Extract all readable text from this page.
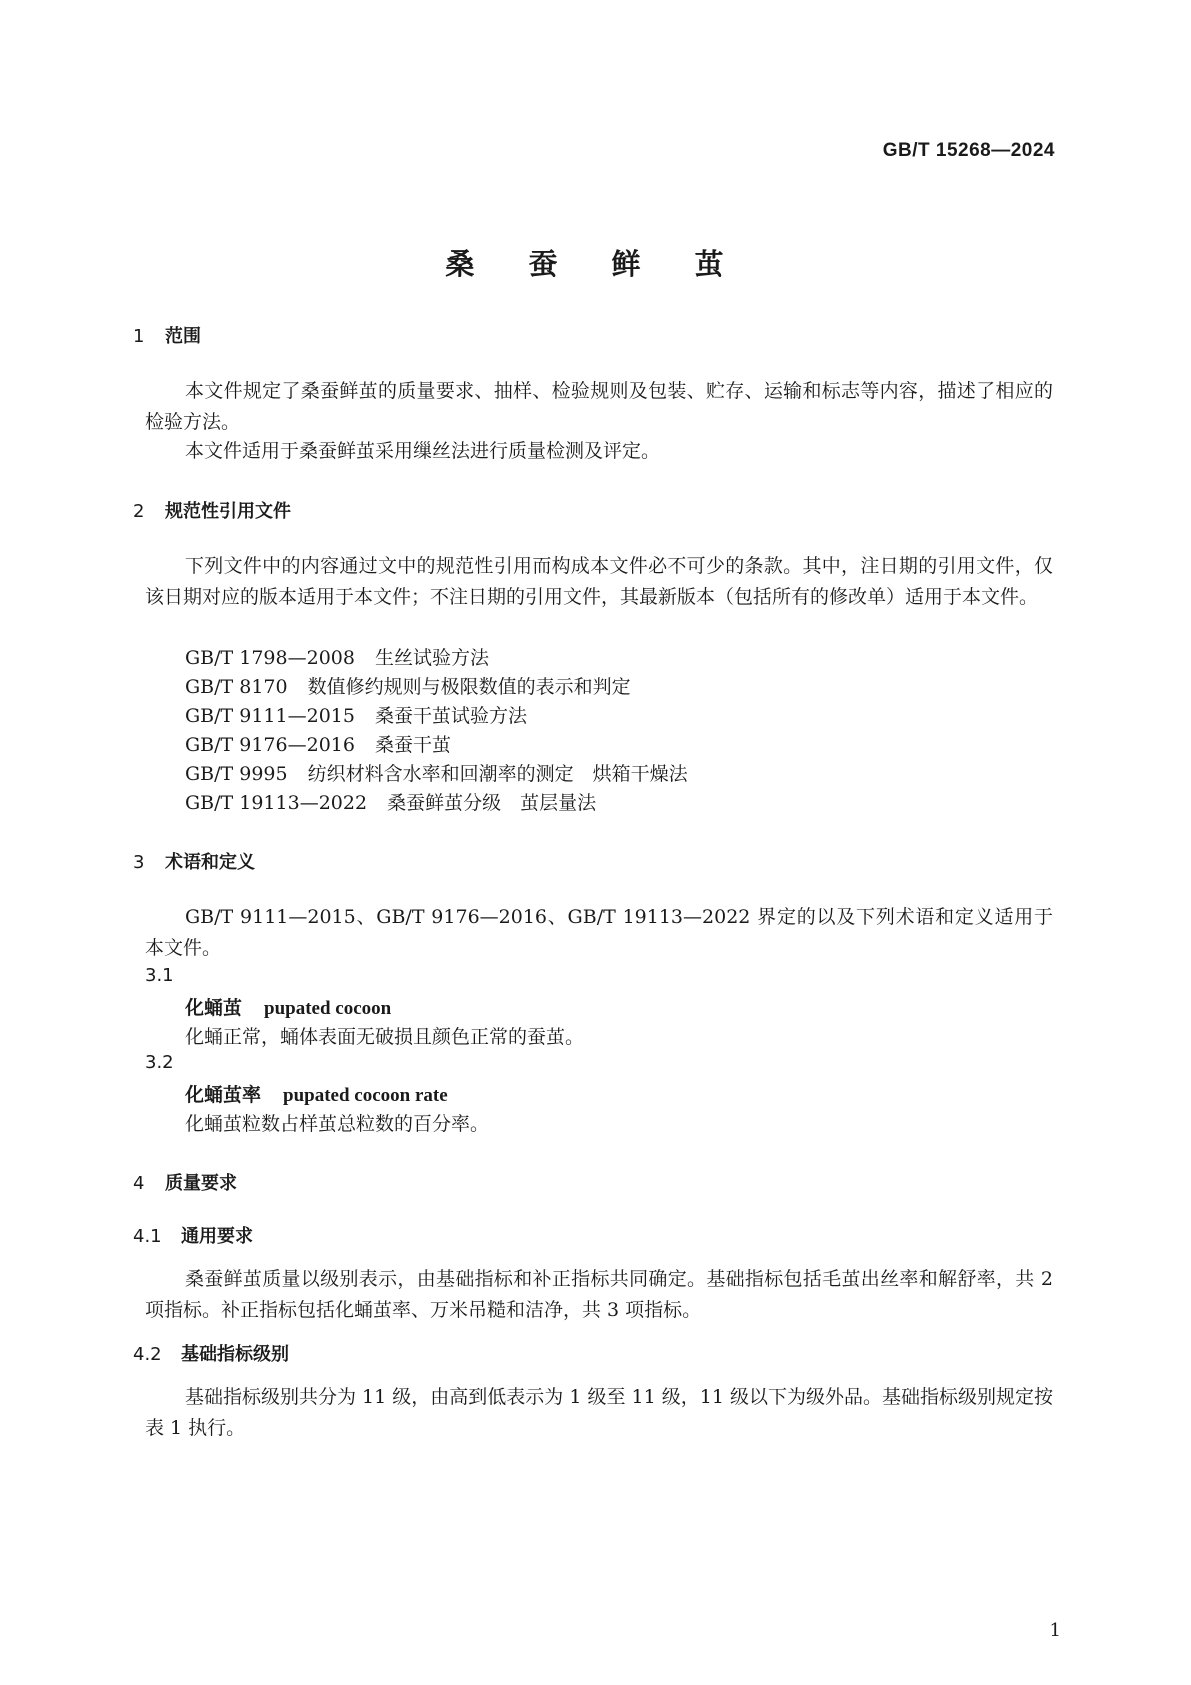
GB/T 15268—2024
桑 蚕 鲜 茧
1 范围
本文件规定了桑蚕鲜茧的质量要求、抽样、检验规则及包装、贮存、运输和标志等内容，描述了相应的检验方法。
本文件适用于桑蚕鲜茧采用缫丝法进行质量检测及评定。
2 规范性引用文件
下列文件中的内容通过文中的规范性引用而构成本文件必不可少的条款。其中，注日期的引用文件，仅该日期对应的版本适用于本文件；不注日期的引用文件，其最新版本（包括所有的修改单）适用于本文件。
GB/T 1798—2008 生丝试验方法
GB/T 8170 数值修约规则与极限数值的表示和判定
GB/T 9111—2015 桑蚕干茧试验方法
GB/T 9176—2016 桑蚕干茧
GB/T 9995 纺织材料含水率和回潮率的测定　烘箱干燥法
GB/T 19113—2022 桑蚕鲜茧分级　茧层量法
3 术语和定义
GB/T 9111—2015、GB/T 9176—2016、GB/T 19113—2022 界定的以及下列术语和定义适用于本文件。
3.1
化蛹茧 pupated cocoon
化蛹正常，蛹体表面无破损且颜色正常的蚕茧。
3.2
化蛹茧率 pupated cocoon rate
化蛹茧粒数占样茧总粒数的百分率。
4 质量要求
4.1 通用要求
桑蚕鲜茧质量以级别表示，由基础指标和补正指标共同确定。基础指标包括毛茧出丝率和解舒率，共 2 项指标。补正指标包括化蛹茧率、万米吊糙和洁净，共 3 项指标。
4.2 基础指标级别
基础指标级别共分为 11 级，由高到低表示为 1 级至 11 级，11 级以下为级外品。基础指标级别规定按表 1 执行。
1
